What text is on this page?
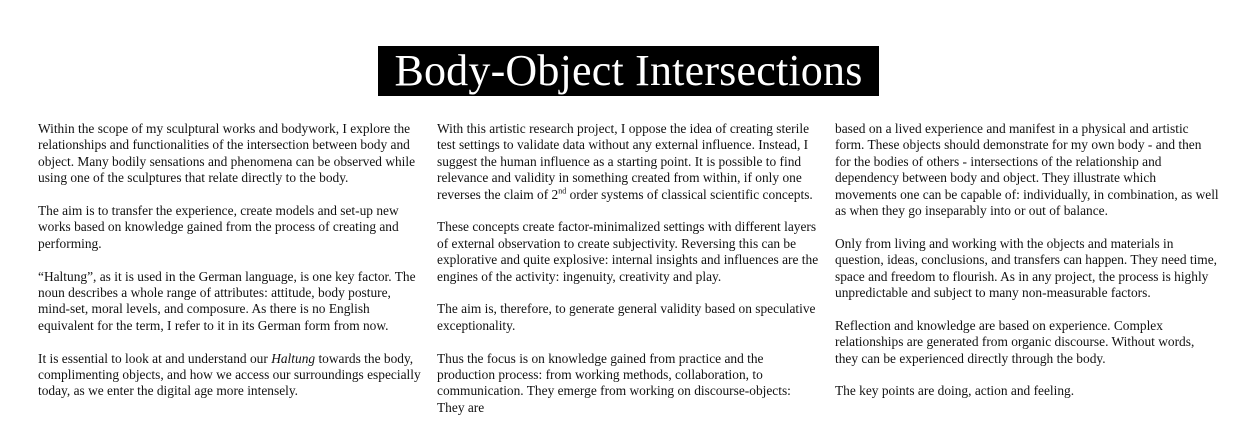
Body-Object Intersections

Within the scope of my sculptural works and bodywork, I explore the relationships and functionalities of the intersection between body and object. Many bodily sensations and phenomena can be observed while using one of the sculptures that relate directly to the body.

The aim is to transfer the experience, create models and set-up new works based on knowledge gained from the process of creating and performing.

“Haltung”, as it is used in the German language, is one key factor. The noun describes a whole range of attributes: attitude, body posture, mind-set, moral levels, and composure. As there is no English equivalent for the term, I refer to it in its German form from now.

It is essential to look at and understand our Haltung towards the body, complimenting objects, and how we access our surroundings especially today, as we enter the digital age more intensely.

With this artistic research project, I oppose the idea of creating sterile test settings to validate data without any external influence. Instead, I suggest the human influence as a starting point. It is possible to find relevance and validity in something created from within, if only one reverses the claim of 2nd order systems of classical scientific concepts.

These concepts create factor-minimalized settings with different layers of external observation to create subjectivity. Reversing this can be explorative and quite explosive: internal insights and influences are the engines of the activity: ingenuity, creativity and play.

The aim is, therefore, to generate general validity based on speculative exceptionality.

Thus the focus is on knowledge gained from practice and the production process: from working methods, collaboration, to communication. They emerge from working on discourse-objects: They are

based on a lived experience and manifest in a physical and artistic form. These objects should demonstrate for my own body - and then for the bodies of others - intersections of the relationship and dependency between body and object. They illustrate which movements one can be capable of: individually, in combination, as well as when they go inseparably into or out of balance.

Only from living and working with the objects and materials in question, ideas, conclusions, and transfers can happen. They need time, space and freedom to flourish. As in any project, the process is highly unpredictable and subject to many non-measurable factors.

Reflection and knowledge are based on experience. Complex relationships are generated from organic discourse. Without words, they can be experienced directly through the body.

The key points are doing, action and feeling.
